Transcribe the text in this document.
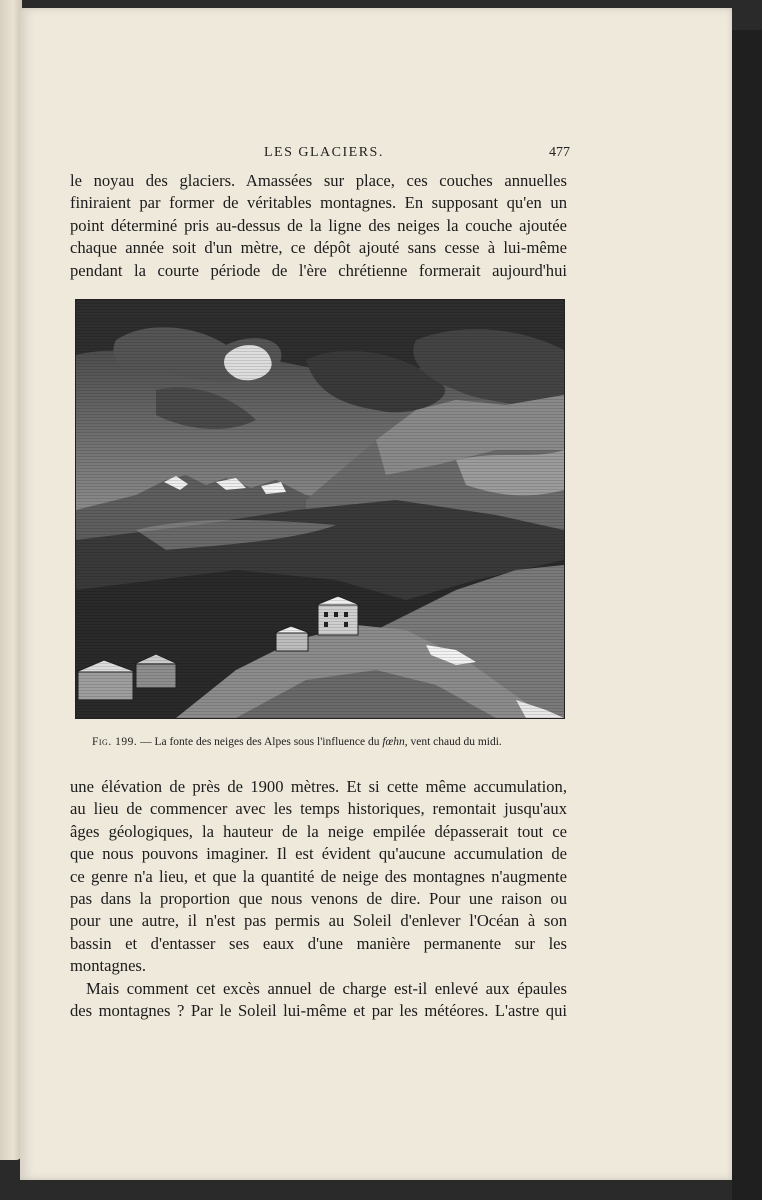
LES GLACIERS.	477
le noyau des glaciers. Amassées sur place, ces couches annuelles
finiraient par former de véritables montagnes. En supposant qu'en un
point déterminé pris au-dessus de la ligne des neiges la couche ajoutée
chaque année soit d'un mètre, ce dépôt ajouté sans cesse à lui-même
pendant la courte période de l'ère chrétienne formerait aujourd'hui
Fig. 199. — La fonte des neiges des Alpes sous l'influence du fœhn, vent chaud du midi.
une élévation de près de 1900 mètres. Et si cette même accumulation,
au lieu de commencer avec les temps historiques, remontait jusqu'aux
âges géologiques, la hauteur de la neige empilée dépasserait tout ce
que nous pouvons imaginer. Il est évident qu'aucune accumulation de
ce genre n'a lieu, et que la quantité de neige des montagnes n'augmente
pas dans la proportion que nous venons de dire. Pour une raison ou
pour une autre, il n'est pas permis au Soleil d'enlever l'Océan à son
bassin et d'entasser ses eaux d'une manière permanente sur les
montagnes.
Mais comment cet excès annuel de charge est-il enlevé aux épaules
des montagnes ? Par le Soleil lui-même et par les météores. L'astre qui
